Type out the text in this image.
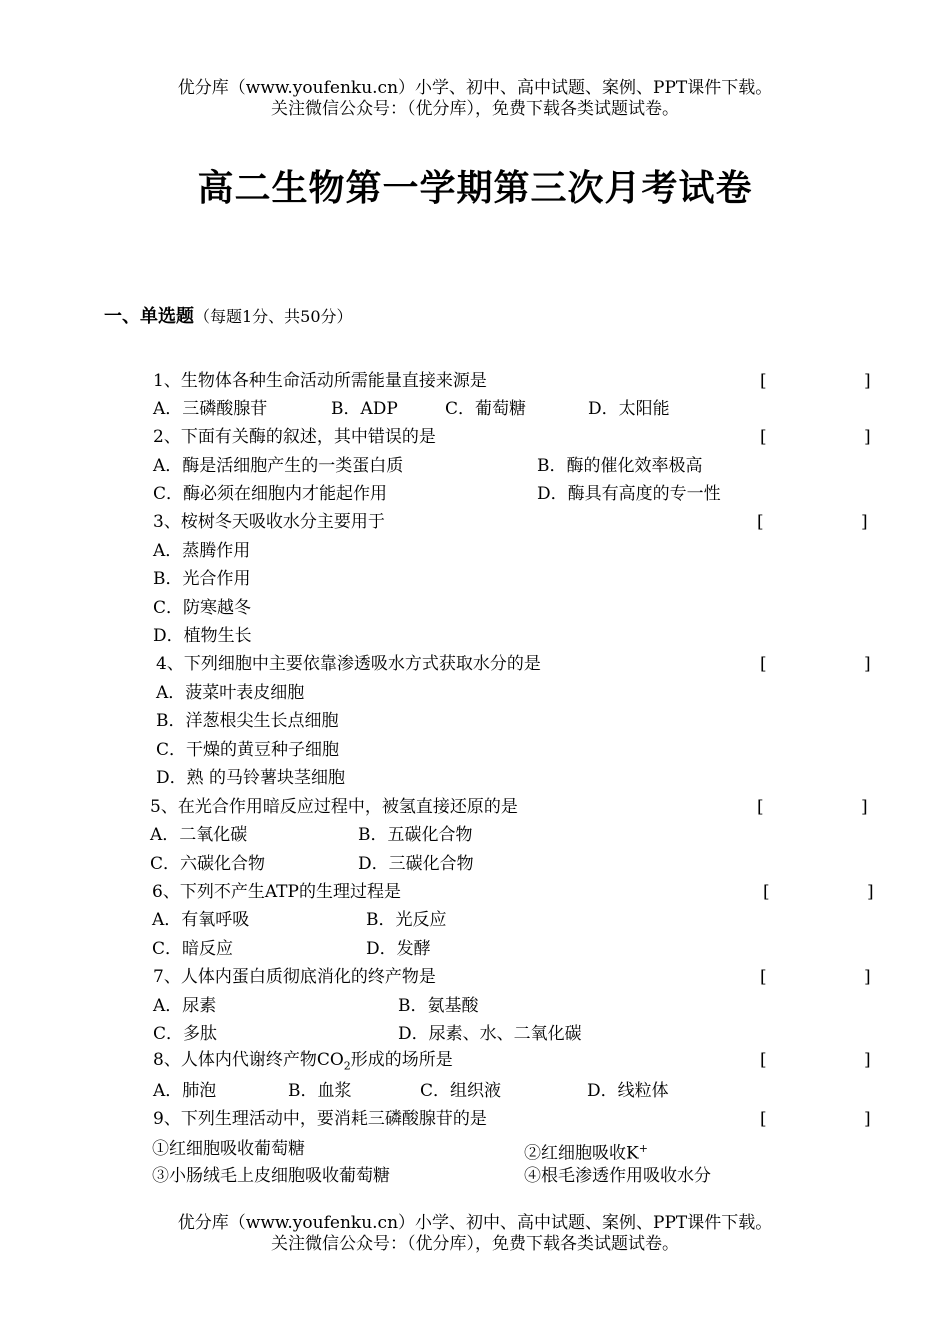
优分库（www.youfenku.cn）小学、初中、高中试题、案例、PPT课件下载。
关注微信公众号：（优分库），免费下载各类试题试卷。
高二生物第一学期第三次月考试卷
一、单选题（每题1分、共50分）
1、生物体各种生命活动所需能量直接来源是	[	]
A．三磷酸腺苷	B．ADP	C．葡萄糖	D．太阳能
2、下面有关酶的叙述，其中错误的是	[	]
A．酶是活细胞产生的一类蛋白质	B．酶的催化效率极高
C．酶必须在细胞内才能起作用	D．酶具有高度的专一性
3、桉树冬天吸收水分主要用于	[	]
A．蒸腾作用
B．光合作用
C．防寒越冬
D．植物生长
4、下列细胞中主要依靠渗透吸水方式获取水分的是	[	]
A．菠菜叶表皮细胞
B．洋葱根尖生长点细胞
C．干燥的黄豆种子细胞
D．熟 的马铃薯块茎细胞
5、在光合作用暗反应过程中，被氢直接还原的是	[	]
A．二氧化碳	B．五碳化合物
C．六碳化合物	D．三碳化合物
6、下列不产生ATP的生理过程是	[	]
A．有氧呼吸	B．光反应
C．暗反应	D．发酵
7、人体内蛋白质彻底消化的终产物是	[	]
A．尿素	B．氨基酸
C．多肽	D．尿素、水、二氧化碳
8、人体内代谢终产物$CO_2$形成的场所是	[	]
A．肺泡	B．血浆	C．组织液	D．线粒体
9、下列生理活动中，要消耗三磷酸腺苷的是	[	]
①红细胞吸收葡萄糖	②红细胞吸收K+
③小肠绒毛上皮细胞吸收葡萄糖	④根毛渗透作用吸收水分
优分库（www.youfenku.cn）小学、初中、高中试题、案例、PPT课件下载。
关注微信公众号：（优分库），免费下载各类试题试卷。
